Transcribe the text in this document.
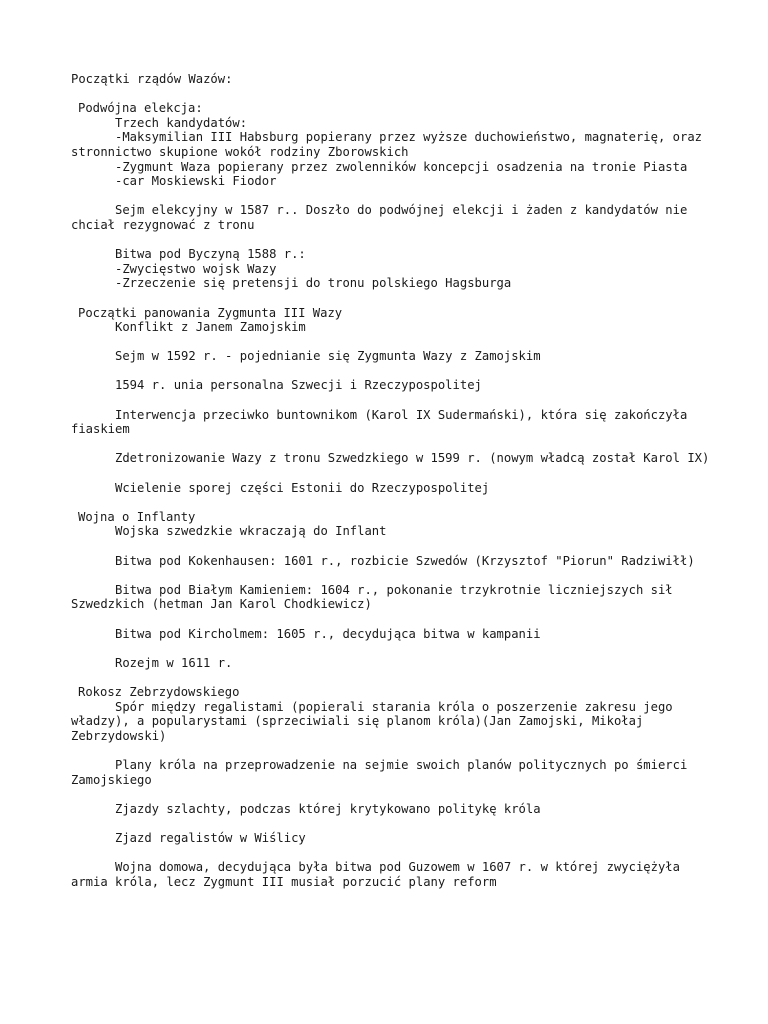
Początki rządów Wazów:
Podwójna elekcja:
Trzech kandydatów:
-Maksymilian III Habsburg popierany przez wyższe duchowieństwo, magnaterię, oraz stronnictwo skupione wokół rodziny Zborowskich
-Zygmunt Waza popierany przez zwolenników koncepcji osadzenia na tronie Piasta
-car Moskiewski Fiodor
Sejm elekcyjny w 1587 r.. Doszło do podwójnej elekcji i żaden z kandydatów nie chciał rezygnować z tronu
Bitwa pod Byczyną 1588 r.:
-Zwycięstwo wojsk Wazy
-Zrzeczenie się pretensji do tronu polskiego Hagsburga
Początki panowania Zygmunta III Wazy
Konflikt z Janem Zamojskim
Sejm w 1592 r. - pojednianie się Zygmunta Wazy z Zamojskim
1594 r. unia personalna Szwecji i Rzeczypospolitej
Interwencja przeciwko buntownikom (Karol IX Sudermański), która się zakończyła fiaskiem
Zdetronizowanie Wazy z tronu Szwedzkiego w 1599 r. (nowym władcą został Karol IX)
Wcielenie sporej części Estonii do Rzeczypospolitej
Wojna o Inflanty
Wojska szwedzkie wkraczają do Inflant
Bitwa pod Kokenhausen: 1601 r., rozbicie Szwedów (Krzysztof "Piorun" Radziwiłł)
Bitwa pod Białym Kamieniem: 1604 r., pokonanie trzykrotnie liczniejszych sił Szwedzkich (hetman Jan Karol Chodkiewicz)
Bitwa pod Kircholmem: 1605 r., decydująca bitwa w kampanii
Rozejm w 1611 r.
Rokosz Zebrzydowskiego
Spór między regalistami (popierali starania króla o poszerzenie zakresu jego władzy), a popularystami (sprzeciwiali się planom króla)(Jan Zamojski, Mikołaj Zebrzydowski)
Plany króla na przeprowadzenie na sejmie swoich planów politycznych po śmierci Zamojskiego
Zjazdy szlachty, podczas której krytykowano politykę króla
Zjazd regalistów w Wiślicy
Wojna domowa, decydująca była bitwa pod Guzowem w 1607 r. w której zwyciężyła armia króla, lecz Zygmunt III musiał porzucić plany reform
